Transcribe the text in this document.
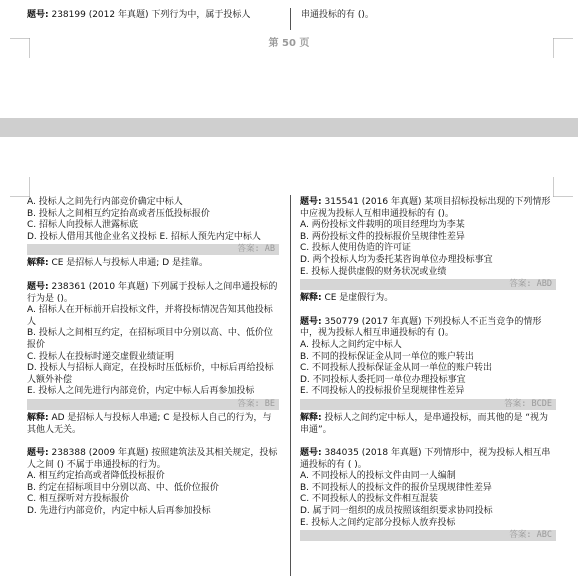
题号: 238199 (2012 年真题) 下列行为中，属于投标人	串通投标的有 ()。
第 50 页
A. 投标人之间先行内部竞价确定中标人
B. 投标人之间相互约定抬高或者压低投标报价
C. 招标人向投标人泄露标底
D. 投标人借用其他企业名义投标 E. 招标人预先内定中标人
答案: AB
解释: CE 是招标人与投标人串通; D 是挂靠。
题号: 238361 (2010 年真题) 下列属于投标人之间串通投标的行为是 ()。
A. 招标人在开标前开启投标文件，并将投标情况告知其他投标人
B. 投标人之间相互约定，在招标项目中分别以高、中、低价位报价
C. 投标人在投标时递交虚假业绩证明
D. 投标人与招标人商定，在投标时压低标价，中标后再给投标人额外补偿
E. 投标人之间先进行内部竞价，内定中标人后再参加投标
答案: BE
解释: AD 是招标人与投标人串通; C 是投标人自己的行为，与其他人无关。
题号: 238388 (2009 年真题) 按照建筑法及其相关规定，投标人之间 () 不属于串通投标的行为。
A. 相互约定抬高或者降低投标报价
B. 约定在招标项目中分别以高、中、低价位报价
C. 相互探听对方投标报价
D. 先进行内部竞价，内定中标人后再参加投标
题号: 315541 (2016 年真题) 某项目招标投标出现的下列情形中应视为投标人互相串通投标的有 ()。
A. 两份投标文件载明的项目经理均为李某
B. 两份投标文件的投标报价呈规律性差异
C. 投标人使用伪造的许可证
D. 两个投标人均为委托某咨询单位办理投标事宜
E. 投标人提供虚假的财务状况或业绩
答案: ABD
解释: CE 是虚假行为。
题号: 350779 (2017 年真题) 下列投标人不正当竞争的情形中，视为投标人相互串通投标的有 ()。
A. 投标人之间约定中标人
B. 不同的投标保证金从同一单位的账户转出
C. 不同投标人投标保证金从同一单位的账户转出
D. 不同投标人委托同一单位办理投标事宜
E. 不同投标人的投标报价呈现规律性差异
答案: BCDE
解释: 投标人之间约定中标人，是串通投标，而其他的是 “视为串通”。
题号: 384035 (2018 年真题) 下列情形中，视为投标人相互串通投标的有 ( )。
A. 不同投标人的投标文件由同一人编制
B. 不同投标人的投标文件的报价呈现规律性差异
C. 不同投标人的投标文件相互混装
D. 属于同一组织的成员按照该组织要求协同投标
E. 投标人之间约定部分投标人放弃投标
答案: ABC
